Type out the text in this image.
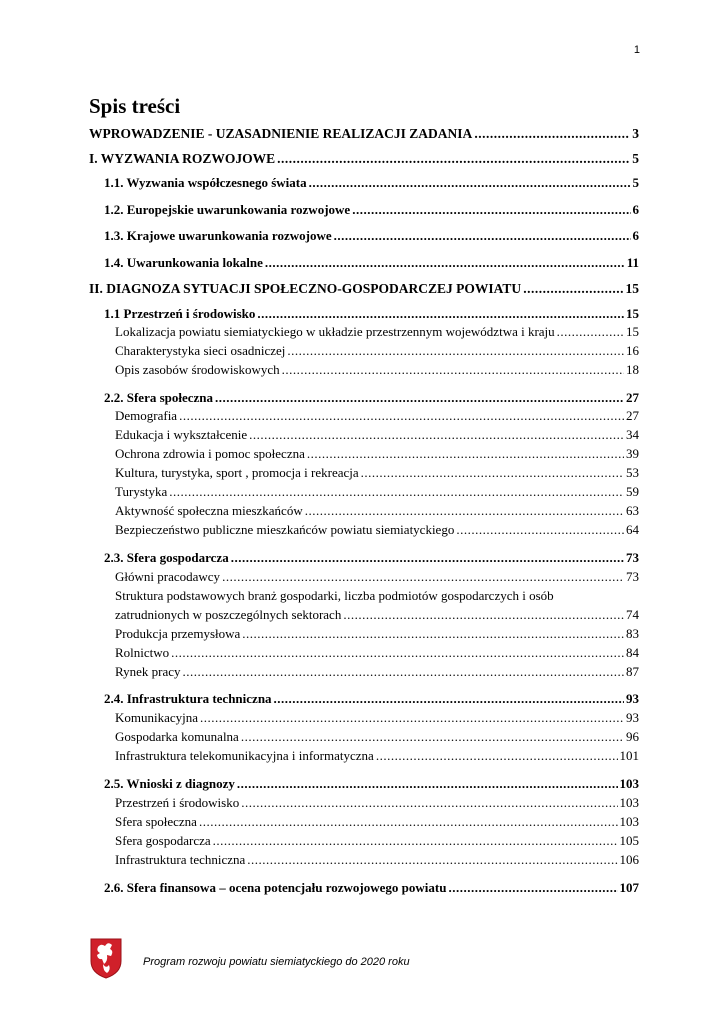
1
Spis treści
WPROWADZENIE - UZASADNIENIE REALIZACJI ZADANIA .....	3
I. WYZWANIA ROZWOJOWE .....	5
1.1. Wyzwania współczesnego świata .....	5
1.2. Europejskie uwarunkowania rozwojowe .....	6
1.3. Krajowe uwarunkowania rozwojowe .....	6
1.4. Uwarunkowania lokalne .....	11
II. DIAGNOZA SYTUACJI SPOŁECZNO-GOSPODARCZEJ POWIATU .....	15
1.1 Przestrzeń i środowisko .....	15
Lokalizacja powiatu siemiatyckiego w układzie przestrzennym województwa i kraju .....	15
Charakterystyka sieci osadniczej .....	16
Opis zasobów środowiskowych .....	18
2.2. Sfera społeczna .....	27
Demografia .....	27
Edukacja i wykształcenie .....	34
Ochrona zdrowia i pomoc społeczna .....	39
Kultura, turystyka, sport , promocja i rekreacja .....	53
Turystyka .....	59
Aktywność społeczna mieszkańców .....	63
Bezpieczeństwo publiczne mieszkańców powiatu siemiatyckiego .....	64
2.3. Sfera gospodarcza .....	73
Główni pracodawcy .....	73
Struktura podstawowych branż gospodarki, liczba podmiotów gospodarczych i osób
zatrudnionych w poszczególnych sektorach .....	74
Produkcja przemysłowa .....	83
Rolnictwo .....	84
Rynek pracy .....	87
2.4. Infrastruktura techniczna .....	93
Komunikacyjna .....	93
Gospodarka komunalna .....	96
Infrastruktura telekomunikacyjna i informatyczna .....	101
2.5. Wnioski z diagnozy .....	103
Przestrzeń i środowisko .....	103
Sfera społeczna .....	103
Sfera gospodarcza .....	105
Infrastruktura techniczna .....	106
2.6. Sfera finansowa – ocena potencjału rozwojowego powiatu .....	107
Program rozwoju powiatu siemiatyckiego do 2020 roku
